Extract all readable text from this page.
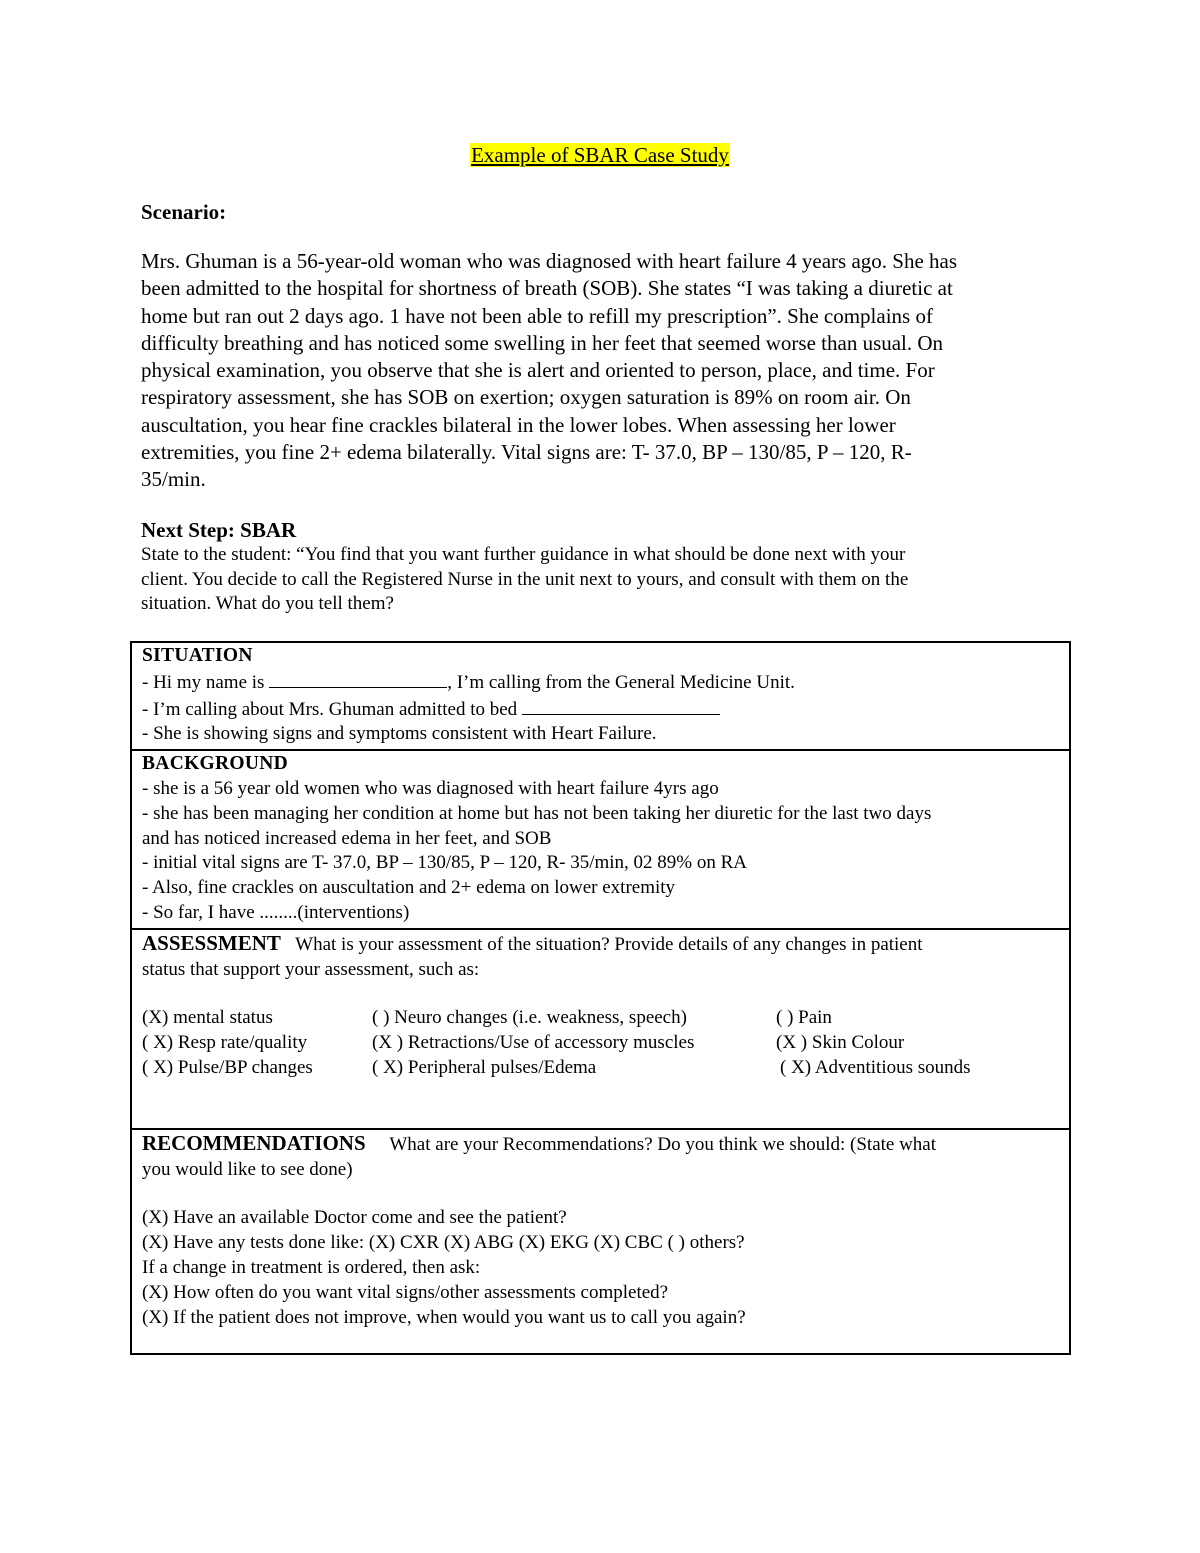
Example of SBAR Case Study
Scenario:
Mrs. Ghuman is a 56-year-old woman who was diagnosed with heart failure 4 years ago. She has
been admitted to the hospital for shortness of breath (SOB). She states “I was taking a diuretic at
home but ran out 2 days ago. 1 have not been able to refill my prescription”. She complains of
difficulty breathing and has noticed some swelling in her feet that seemed worse than usual. On
physical examination, you observe that she is alert and oriented to person, place, and time. For
respiratory assessment, she has SOB on exertion; oxygen saturation is 89% on room air. On
auscultation, you hear fine crackles bilateral in the lower lobes. When assessing her lower
extremities, you fine 2+ edema bilaterally. Vital signs are: T- 37.0, BP – 130/85, P – 120, R-
35/min.
Next Step: SBAR
State to the student: “You find that you want further guidance in what should be done next with your
client. You decide to call the Registered Nurse in the unit next to yours, and consult with them on the
situation. What do you tell them?
SITUATION
- Hi my name is	, I’m calling from the General Medicine Unit.
- I’m calling about Mrs. Ghuman admitted to bed
- She is showing signs and symptoms consistent with Heart Failure.

BACKGROUND
- she is a 56 year old women who was diagnosed with heart failure 4yrs ago
- she has been managing her condition at home but has not been taking her diuretic for the last two days
and has noticed increased edema in her feet, and SOB
- initial vital signs are T- 37.0, BP – 130/85, P – 120, R- 35/min, 02 89% on RA
- Also, fine crackles on auscultation and 2+ edema on lower extremity
- So far, I have ........(interventions)

ASSESSMENT What is your assessment of the situation? Provide details of any changes in patient
status that support your assessment, such as:
(X) mental status	( ) Neuro changes (i.e. weakness, speech)	( ) Pain
( X) Resp rate/quality	(X ) Retractions/Use of accessory muscles	(X ) Skin Colour
( X) Pulse/BP changes	( X) Peripheral pulses/Edema	( X) Adventitious sounds

RECOMMENDATIONS What are your Recommendations? Do you think we should: (State what
you would like to see done)
(X) Have an available Doctor come and see the patient?
(X) Have any tests done like: (X) CXR (X) ABG (X) EKG (X) CBC ( ) others?
If a change in treatment is ordered, then ask:
(X) How often do you want vital signs/other assessments completed?
(X) If the patient does not improve, when would you want us to call you again?
